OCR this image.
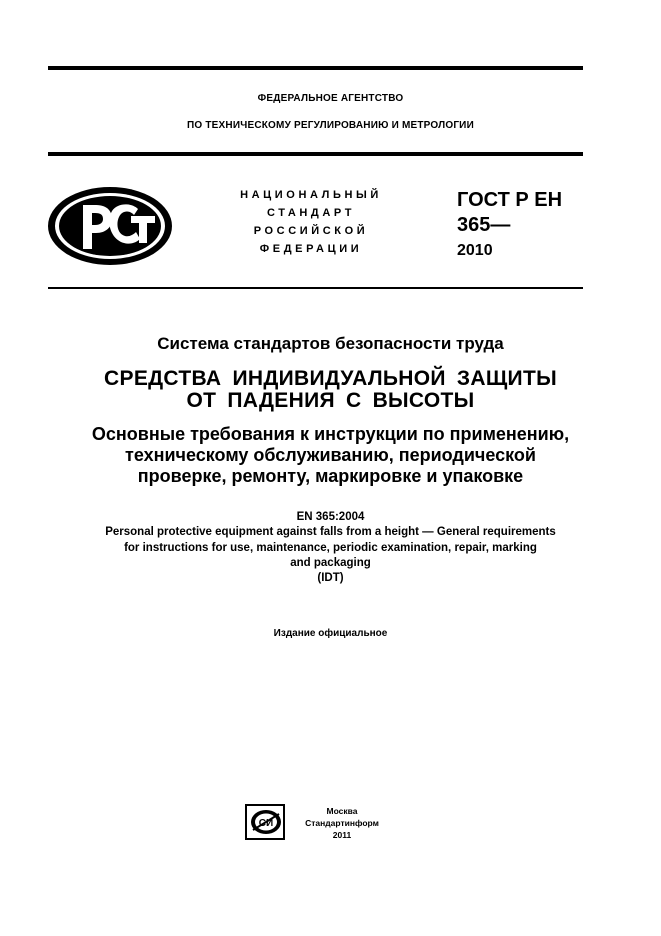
ФЕДЕРАЛЬНОЕ АГЕНТСТВО
ПО ТЕХНИЧЕСКОМУ РЕГУЛИРОВАНИЮ И МЕТРОЛОГИИ
НАЦИОНАЛЬНЫЙ
СТАНДАРТ
РОССИЙСКОЙ
ФЕДЕРАЦИИ
ГОСТ Р ЕН
365—
2010
Система стандартов безопасности труда
СРЕДСТВА ИНДИВИДУАЛЬНОЙ ЗАЩИТЫ
ОТ ПАДЕНИЯ С ВЫСОТЫ
Основные требования к инструкции по применению,
техническому обслуживанию, периодической
проверке, ремонту, маркировке и упаковке
EN 365:2004
Personal protective equipment against falls from a height — General requirements
for instructions for use, maintenance, periodic examination, repair, marking
and packaging
(IDT)
Издание официальное
СИ
Москва
Стандартинформ
2011
